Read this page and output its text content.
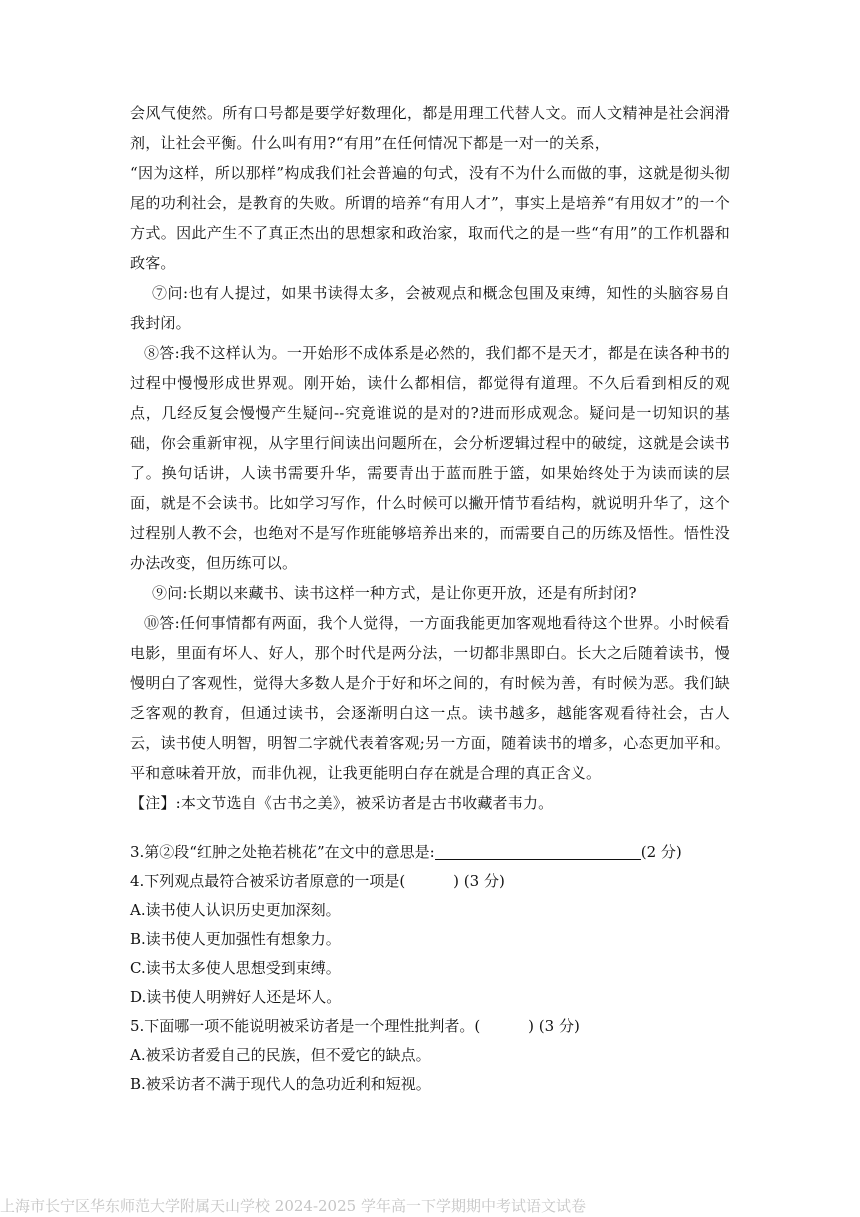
会风气使然。所有口号都是要学好数理化，都是用理工代替人文。而人文精神是社会润滑剂，让社会平衡。什么叫有用?“有用”在任何情况下都是一对一的关系，

“因为这样，所以那样”构成我们社会普遍的句式，没有不为什么而做的事，这就是彻头彻尾的功利社会，是教育的失败。所谓的培养“有用人才”，事实上是培养“有用奴才”的一个方式。因此产生不了真正杰出的思想家和政治家，取而代之的是一些“有用”的工作机器和政客。

⑦问:也有人提过，如果书读得太多，会被观点和概念包围及束缚，知性的头脑容易自我封闭。

⑧答:我不这样认为。一开始形不成体系是必然的，我们都不是天才，都是在读各种书的过程中慢慢形成世界观。刚开始，读什么都相信，都觉得有道理。不久后看到相反的观点，几经反复会慢慢产生疑问--究竟谁说的是对的?进而形成观念。疑问是一切知识的基础，你会重新审视，从字里行间读出问题所在，会分析逻辑过程中的破绽，这就是会读书了。换句话讲，人读书需要升华，需要青出于蓝而胜于篮，如果始终处于为读而读的层面，就是不会读书。比如学习写作，什么时候可以撇开情节看结构，就说明升华了，这个过程别人教不会，也绝对不是写作班能够培养出来的，而需要自己的历练及悟性。悟性没办法改变，但历练可以。

⑨问:长期以来藏书、读书这样一种方式，是让你更开放，还是有所封闭?

⑩答:任何事情都有两面，我个人觉得，一方面我能更加客观地看待这个世界。小时候看电影，里面有坏人、好人，那个时代是两分法，一切都非黑即白。长大之后随着读书，慢慢明白了客观性，觉得大多数人是介于好和坏之间的，有时候为善，有时候为恶。我们缺乏客观的教育，但通过读书，会逐渐明白这一点。读书越多，越能客观看待社会，古人云，读书使人明智，明智二字就代表着客观;另一方面，随着读书的增多，心态更加平和。平和意味着开放，而非仇视，让我更能明白存在就是合理的真正含义。

【注】:本文节选自《古书之美》，被采访者是古书收藏者韦力。

3.第②段“红肿之处艳若桃花”在文中的意思是:	(2 分)

4.下列观点最符合被采访者原意的一项是(	) (3 分)

A.读书使人认识历史更加深刻。

B.读书使人更加强性有想象力。

C.读书太多使人思想受到束缚。

D.读书使人明辨好人还是坏人。

5.下面哪一项不能说明被采访者是一个理性批判者。(	) (3 分)

A.被采访者爱自己的民族，但不爱它的缺点。

B.被采访者不满于现代人的急功近利和短视。

上海市长宁区华东师范大学附属天山学校 2024-2025 学年高一下学期期中考试语文试卷
